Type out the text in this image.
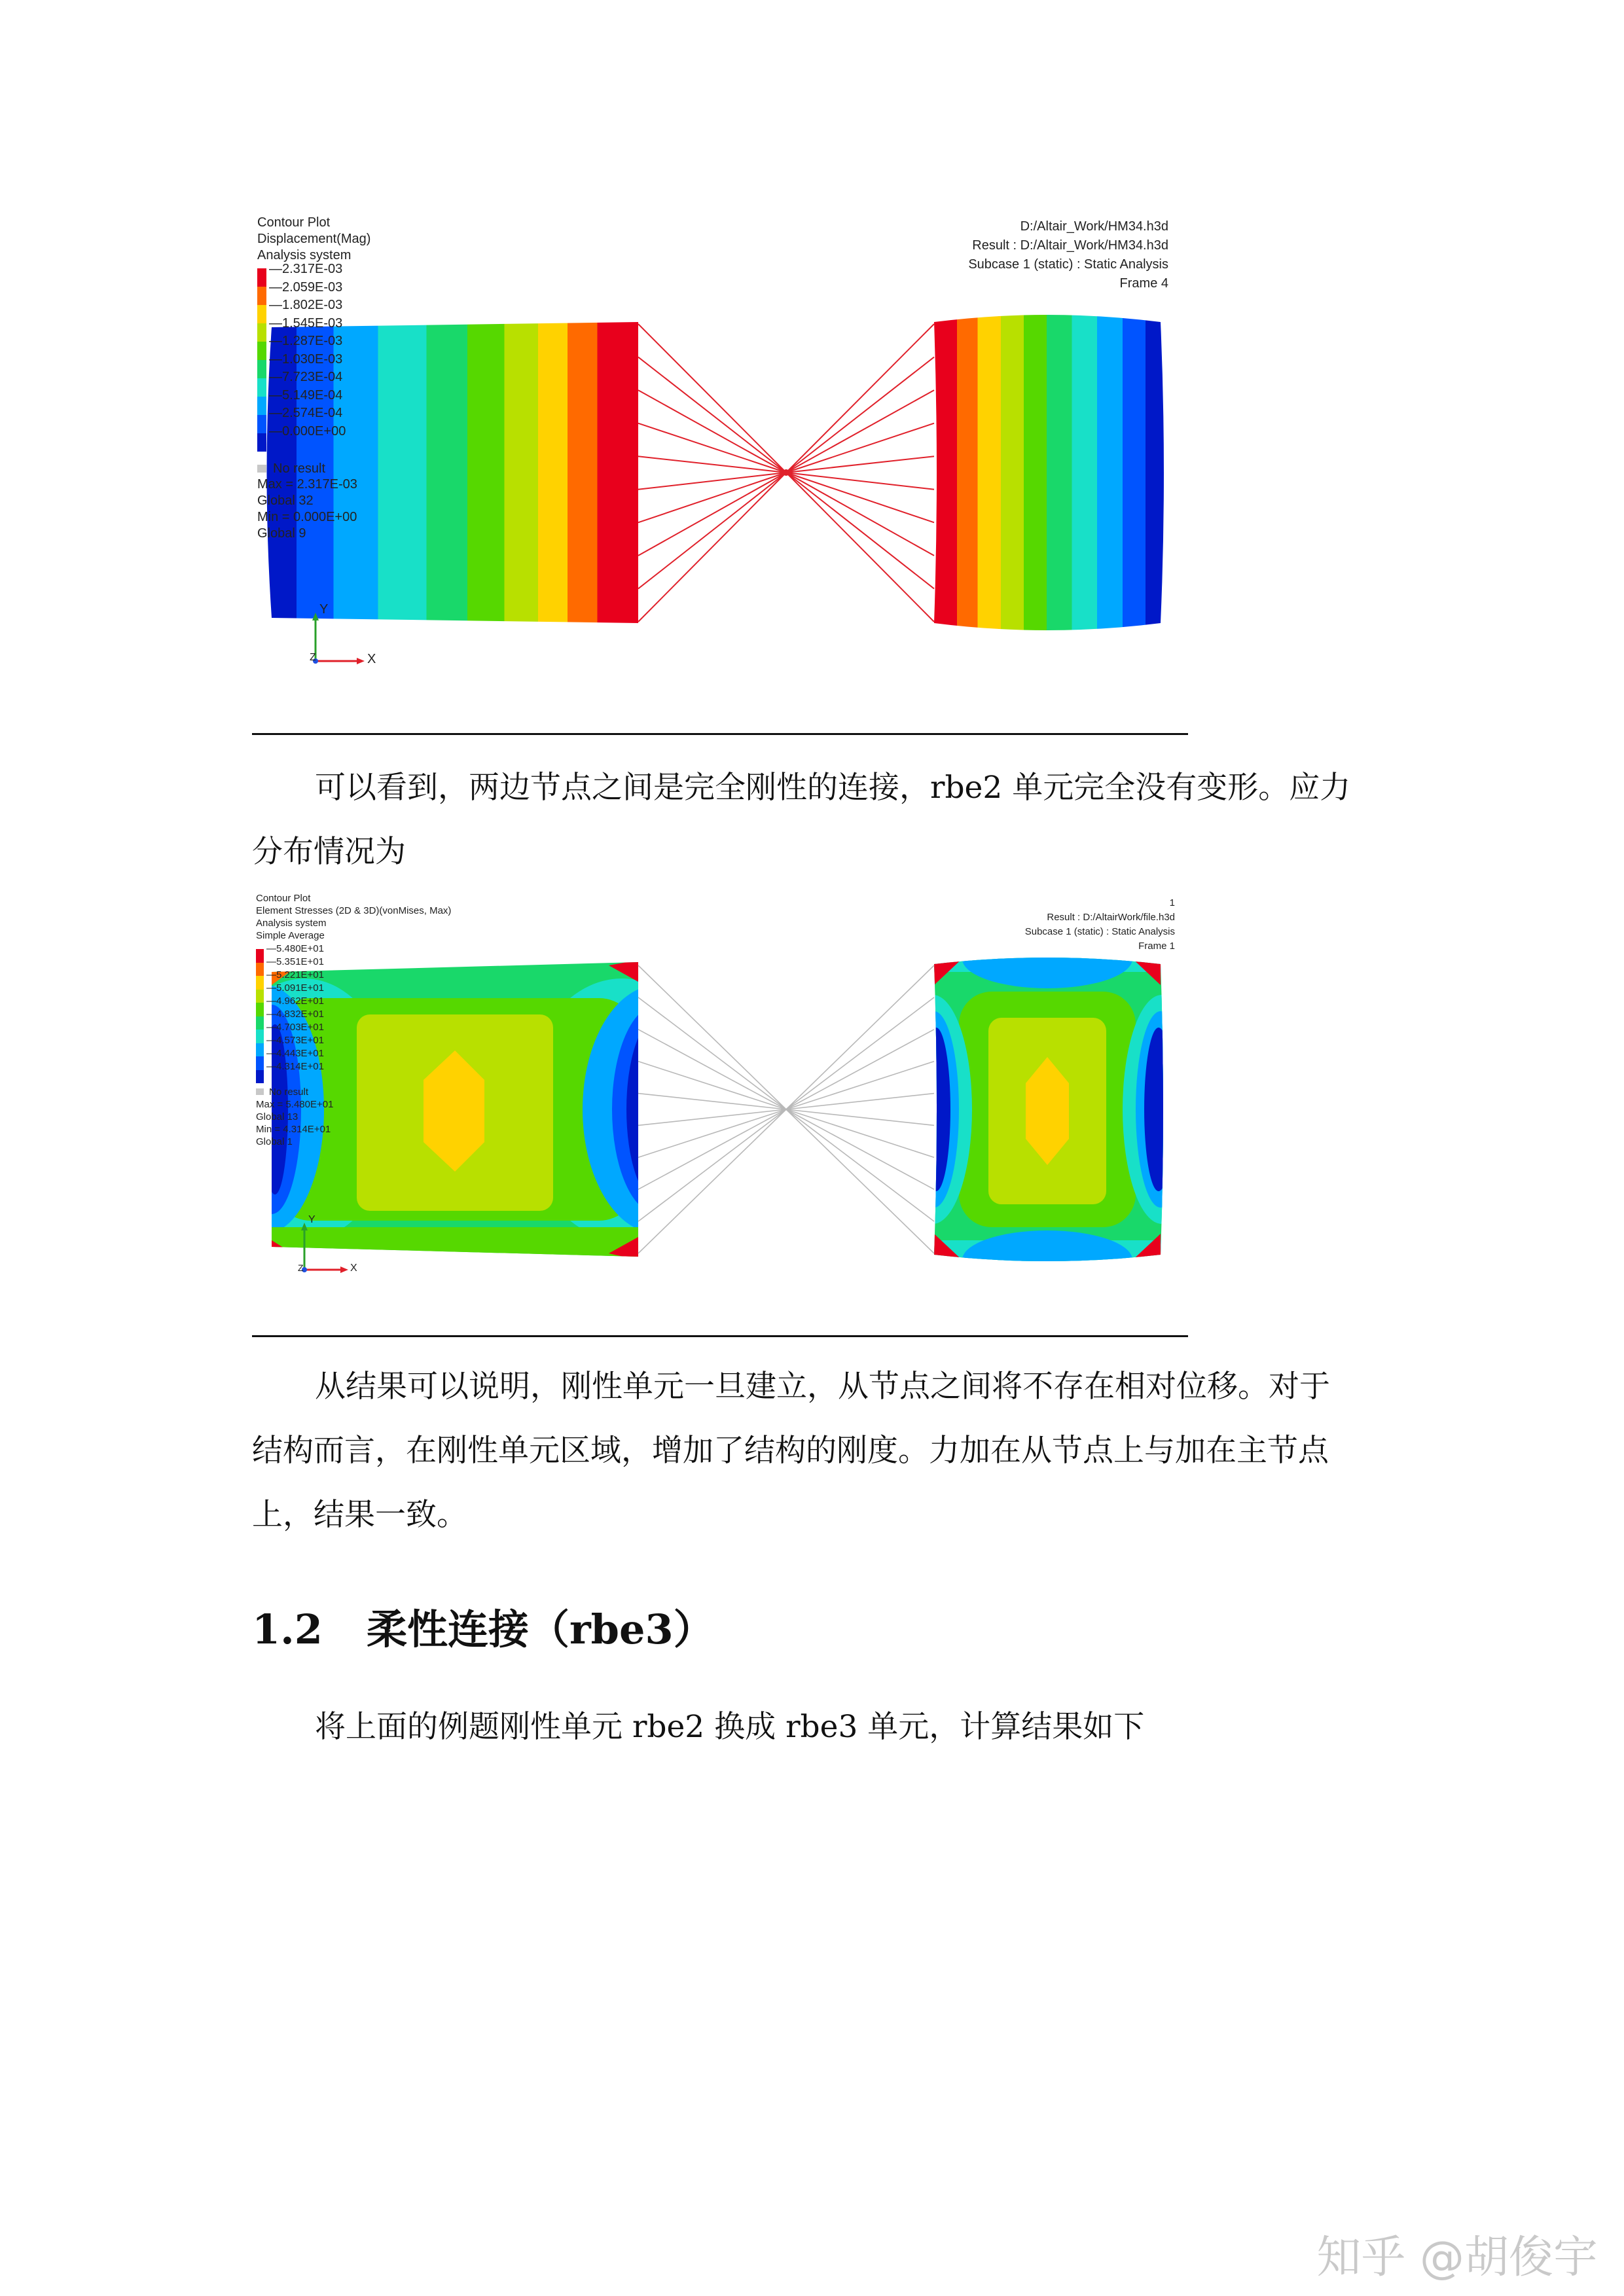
Contour Plot
Displacement(Mag)
Analysis system
—2.317E-03
—2.059E-03
—1.802E-03
—1.545E-03
—1.287E-03
—1.030E-03
—7.723E-04
—5.149E-04
—2.574E-04
—0.000E+00
No result
Max = 2.317E-03
Global 32
Min = 0.000E+00
Global 9
D:/Altair_Work/HM34.h3d
Result : D:/Altair_Work/HM34.h3d
Subcase 1 (static) : Static Analysis
Frame 4
Y
X
Z
可以看到，两边节点之间是完全刚性的连接，rbe2 单元完全没有变形。应力
分布情况为
Contour Plot
Element Stresses (2D & 3D)(vonMises, Max)
Analysis system
Simple Average
—5.480E+01
—5.351E+01
—5.221E+01
—5.091E+01
—4.962E+01
—4.832E+01
—4.703E+01
—4.573E+01
—4.443E+01
—4.314E+01
No result
Max = 5.480E+01
Global 13
Min = 4.314E+01
Global 1
1
Result : D:/AltairWork/file.h3d
Subcase 1 (static) : Static Analysis
Frame 1
Y
X
Z
从结果可以说明，刚性单元一旦建立，从节点之间将不存在相对位移。对于
结构而言，在刚性单元区域，增加了结构的刚度。力加在从节点上与加在主节点
上，结果一致。
1.2 柔性连接（rbe3）
将上面的例题刚性单元 rbe2 换成 rbe3 单元，计算结果如下
知乎 @胡俊宇
